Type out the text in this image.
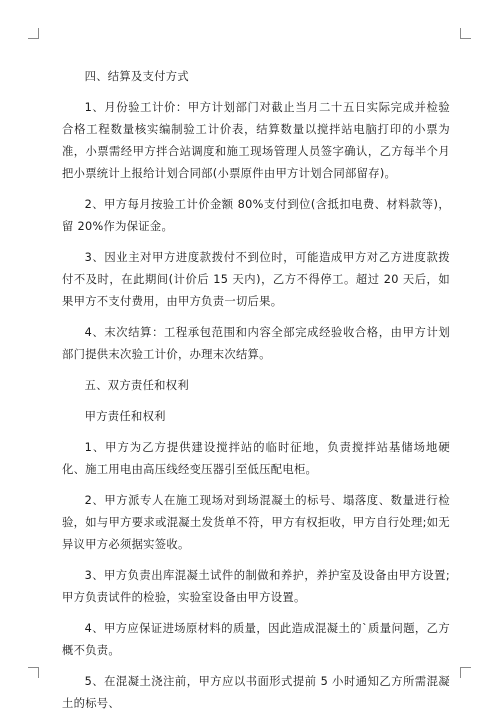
四、结算及支付方式

1、月份验工计价：甲方计划部门对截止当月二十五日实际完成并检验合格工程数量核实编制验工计价表，结算数量以搅拌站电脑打印的小票为准，小票需经甲方拌合站调度和施工现场管理人员签字确认，乙方每半个月把小票统计上报给计划合同部(小票原件由甲方计划合同部留存)。

2、甲方每月按验工计价金额 80%支付到位(含抵扣电费、材料款等)，留 20%作为保证金。

3、因业主对甲方进度款拨付不到位时，可能造成甲方对乙方进度款拨付不及时，在此期间(计价后 15 天内)，乙方不得停工。超过 20 天后，如果甲方不支付费用，由甲方负责一切后果。

4、末次结算：工程承包范围和内容全部完成经验收合格，由甲方计划部门提供末次验工计价，办理末次结算。

五、双方责任和权利

甲方责任和权利

1、甲方为乙方提供建设搅拌站的临时征地，负责搅拌站基储场地硬化、施工用电由高压线经变压器引至低压配电柜。

2、甲方派专人在施工现场对到场混凝土的标号、塌落度、数量进行检验，如与甲方要求或混凝土发货单不符，甲方有权拒收，甲方自行处理;如无异议甲方必须据实签收。

3、甲方负责出库混凝土试件的制做和养护，养护室及设备由甲方设置;甲方负责试件的检验，实验室设备由甲方设置。

4、甲方应保证进场原材料的质量，因此造成混凝土的`质量问题，乙方概不负责。

5、在混凝土浇注前，甲方应以书面形式提前 5 小时通知乙方所需混凝土的标号、
